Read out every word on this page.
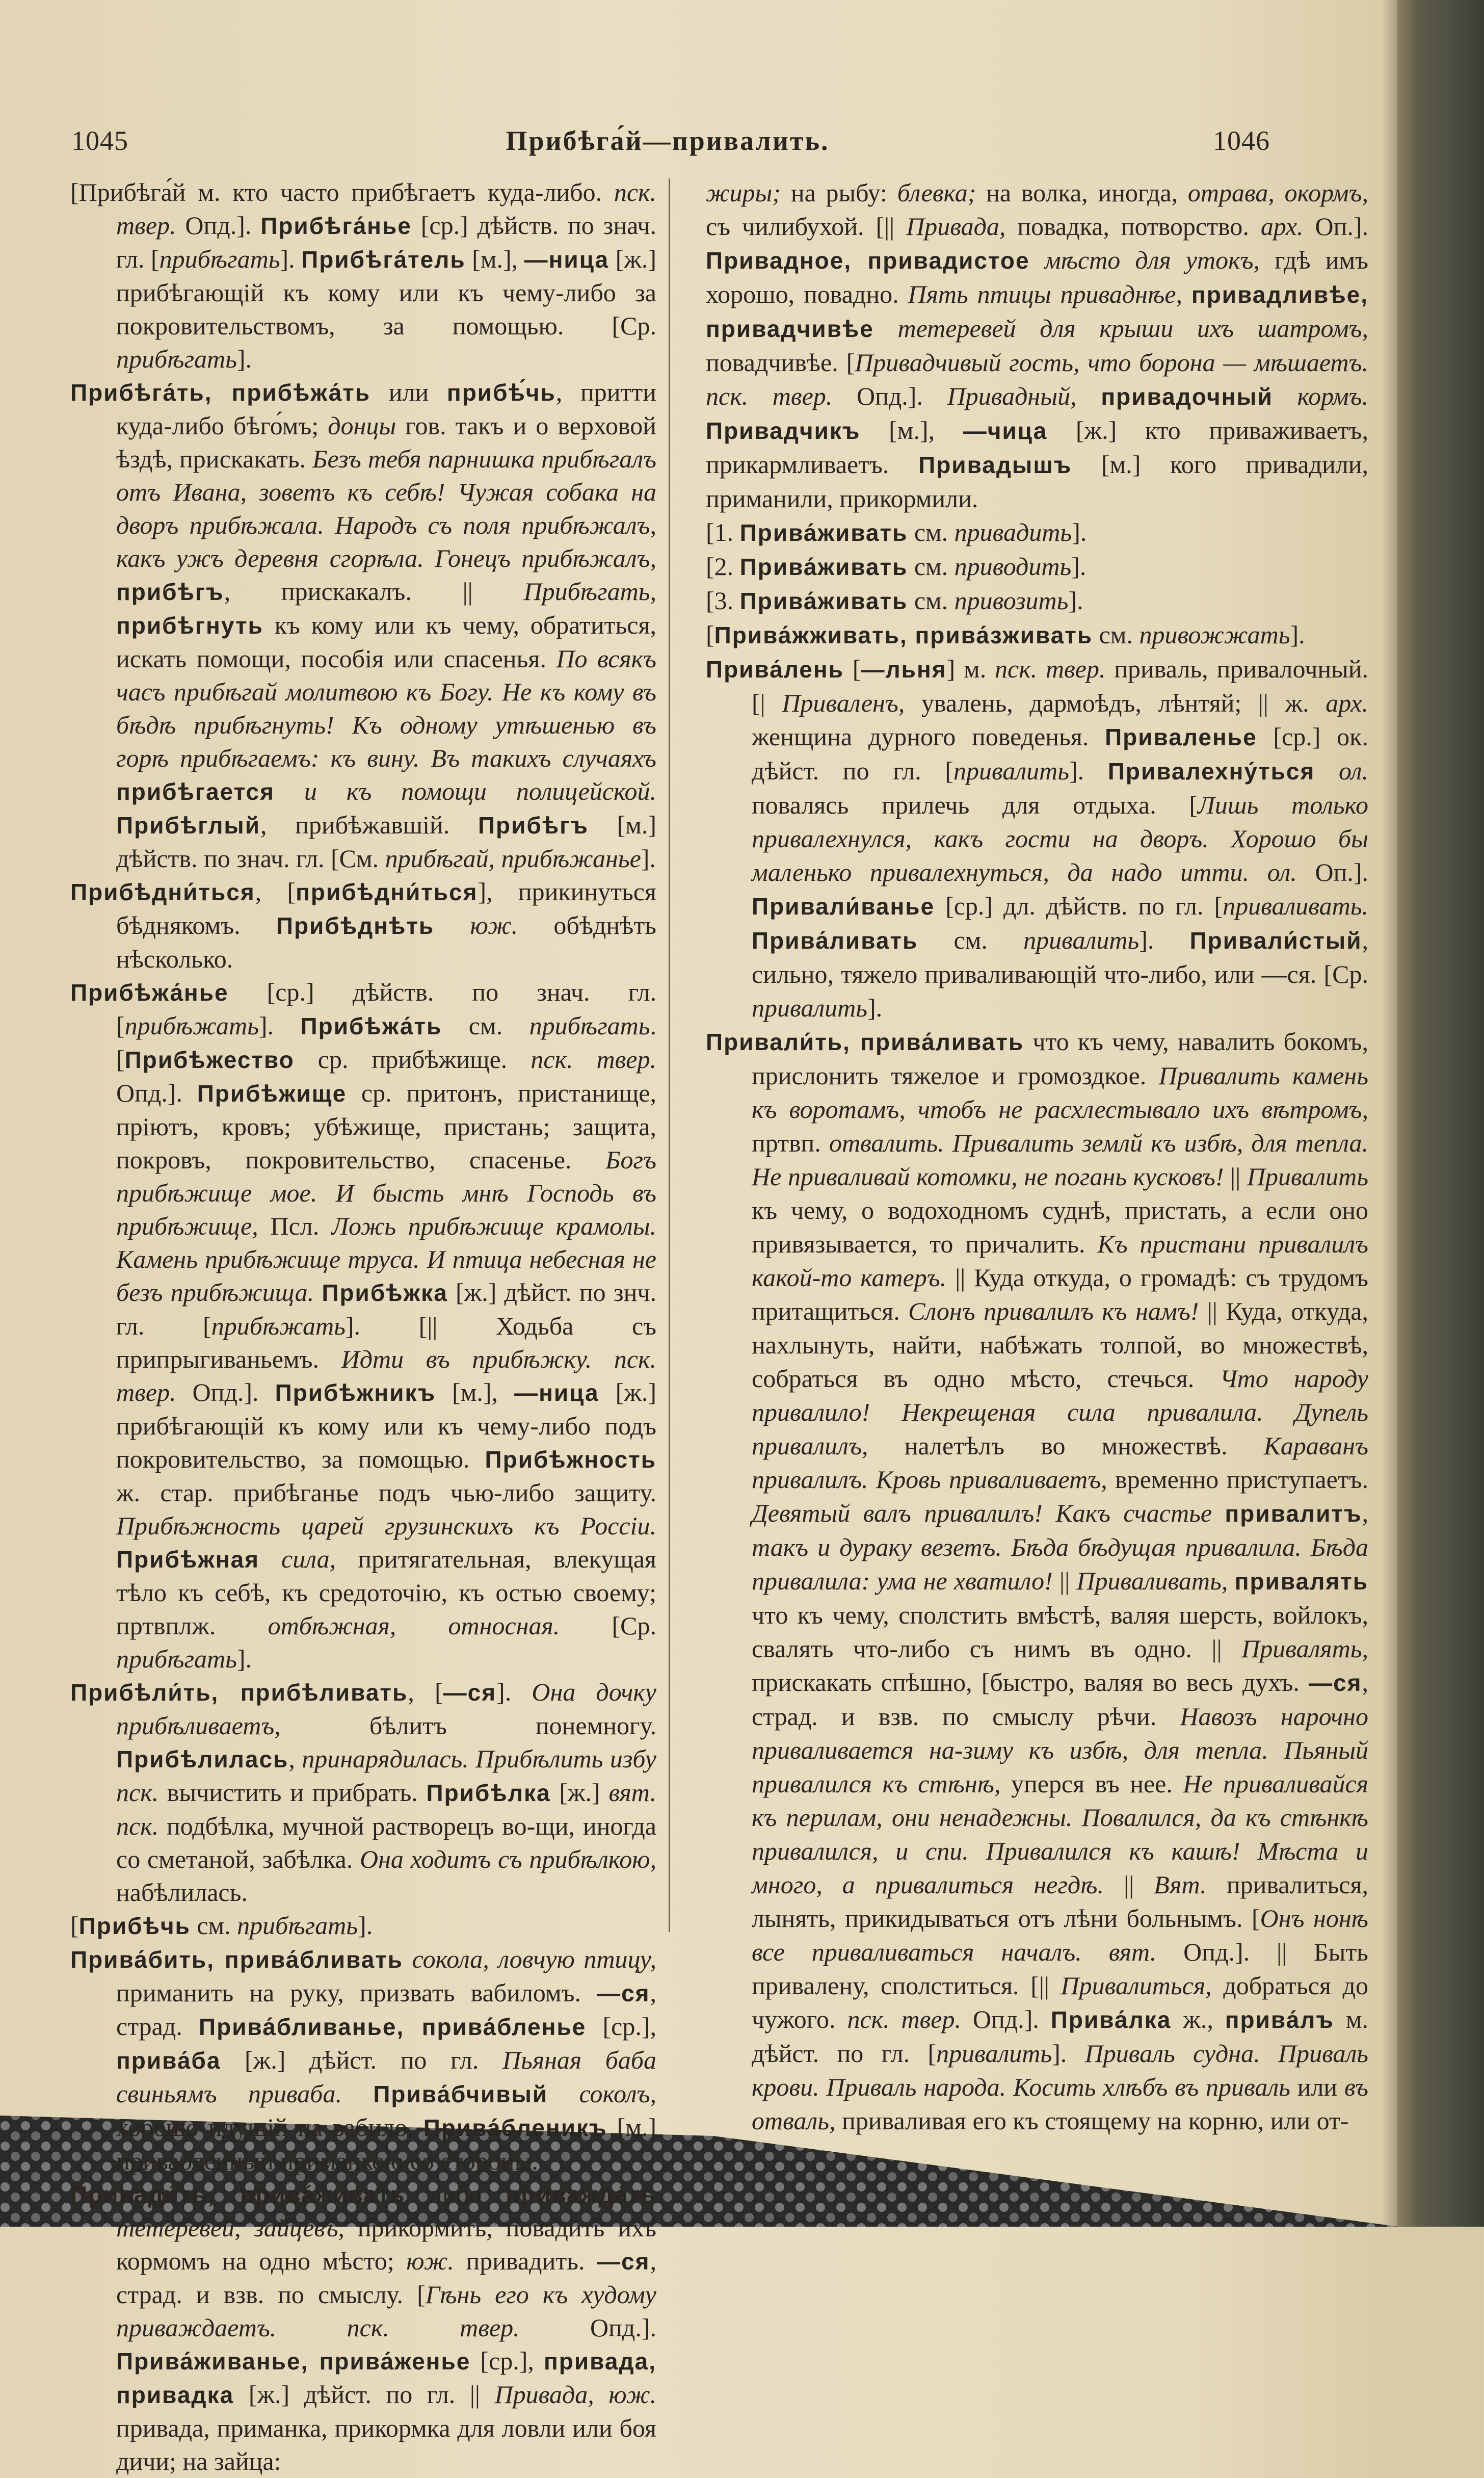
1045	Прибѣга́й—привалить.	1046

[Прибѣга́й м. кто часто прибѣгаетъ куда-либо. пск. твер. Опд.]. Прибѣга́нье [ср.] дѣйств. по знач. гл. [прибѣгать]. Прибѣга́тель [м.], —ница [ж.] прибѣгающій къ кому или къ чему-либо за покровительствомъ, за помощью. [Ср. прибѣгать].

Прибѣга́ть, прибѣжа́ть или прибѣ́чь, притти куда-либо бѣго́мъ; донцы гов. такъ и о верховой ѣздѣ, прискакать. Безъ тебя парнишка прибѣгалъ отъ Ивана, зоветъ къ себѣ! Чужая собака на дворъ прибѣжала. Народъ съ поля прибѣжалъ, какъ ужъ деревня сгорѣла. Гонецъ прибѣжалъ, прибѣгъ, прискакалъ. || Прибѣгать, прибѣгнуть къ кому или къ чему, обратиться, искать помощи, пособія или спасенья. По всякъ часъ прибѣгай молитвою къ Богу. Не къ кому въ бѣдѣ прибѣгнуть! Къ одному утѣшенью въ горѣ прибѣгаемъ: къ вину. Въ такихъ случаяхъ прибѣгается и къ помощи полицейской. Прибѣглый, прибѣжавшій. Прибѣгъ [м.] дѣйств. по знач. гл. [См. прибѣгай, прибѣжанье].

Прибѣдни́ться, [прибѣдни́ться], прикинуться бѣднякомъ. Прибѣднѣть юж. обѣднѣть нѣсколько.

Прибѣжа́нье [ср.] дѣйств. по знач. гл. [прибѣжать]. Прибѣжа́ть см. прибѣгать. [Прибѣжество ср. прибѣжище. пск. твер. Опд.]. Прибѣжище ср. притонъ, пристанище, пріютъ, кровъ; убѣжище, пристань; защита, покровъ, покровительство, спасенье. Богъ прибѣжище мое. И бысть мнѣ Господь въ прибѣжище, Псл. Ложь прибѣжище крамолы. Камень прибѣжище труса. И птица небесная не безъ прибѣжища. Прибѣжка [ж.] дѣйст. по знч. гл. [прибѣжать]. [|| Ходьба съ припрыгиваньемъ. Идти въ прибѣжку. пск. твер. Опд.]. Прибѣжникъ [м.], —ница [ж.] прибѣгающій къ кому или къ чему-либо подъ покровительство, за помощью. Прибѣжность ж. стар. прибѣганье подъ чью-либо защиту. Прибѣжность царей грузинскихъ къ Россіи. Прибѣжная сила, притягательная, влекущая тѣло къ себѣ, къ средоточію, къ остью своему; пртвплж. отбѣжная, относная. [Ср. прибѣгать].

Прибѣли́ть, прибѣливать, [—ся]. Она дочку прибѣливаетъ, бѣлитъ понемногу. Прибѣлилась, принарядилась. Прибѣлить избу пск. вычистить и прибрать. Прибѣлка [ж.] вят. пск. подбѣлка, мучной растворецъ во-щи, иногда со сметаной, забѣлка. Она ходитъ съ прибѣлкою, набѣлилась.

[Прибѣчь см. прибѣгать].

Прива́бить, прива́бливать сокола, ловчую птицу, приманить на руку, призвать вабиломъ. —ся, страд. Прива́бливанье, прива́бленье [ср.], прива́ба [ж.] дѣйст. по гл. Пьяная баба свиньямъ приваба. Прива́бчивый соколъ, хорошо идущій на вабило. Прива́бленикъ [м.] привабленный приманкою со стороны.

Привади́ть, прива́живать либо приважда́ть тетеревей, зайцевъ, прикормить, повадить ихъ кормомъ на одно мѣсто; юж. привадить. —ся, страд. и взв. по смыслу. [Гѣнь его къ худому приваждаетъ. пск. твер. Опд.]. Прива́живанье, прива́женье [ср.], привада, привадка [ж.] дѣйст. по гл. || Привада, юж. привада, приманка, прикормка для ловли или боя дичи; на зайца:

жиры; на рыбу: блевка; на волка, иногда, отрава, окормъ, съ чилибухой. [|| Привада, повадка, потворство. арх. Оп.]. Привадное, привадистое мѣсто для утокъ, гдѣ имъ хорошо, повадно. Пять птицы приваднѣе, привадливѣе, привадчивѣе тетеревей для крыши ихъ шатромъ, повадчивѣе. [Привадчивый гость, что борона — мѣшаетъ. пск. твер. Опд.]. Привадный, привадочный кормъ. Привадчикъ [м.], —чица [ж.] кто приваживаетъ, прикармливаетъ. Привадышъ [м.] кого привадили, приманили, прикормили.

[1. Прива́живать см. привадить].

[2. Прива́живать см. приводить].

[3. Прива́живать см. привозить].

[Прива́жживать, прива́зживать см. привожжать].

Прива́лень [—льня] м. пск. твер. приваль, привалочный. [| Приваленъ, увалень, дармоѣдъ, лѣнтяй; || ж. арх. женщина дурного поведенья. Приваленье [ср.] ок. дѣйст. по гл. [привалить]. Привалехну́ться ол. повалясь прилечь для отдыха. [Лишь только привалехнулся, какъ гости на дворъ. Хорошо бы маленько привалехнуться, да надо итти. ол. Оп.]. Привали́ванье [ср.] дл. дѣйств. по гл. [приваливать. Прива́ливать см. привалить]. Привали́стый, сильно, тяжело приваливающій что-либо, или —ся. [Ср. привалить].

Привали́ть, прива́ливать что къ чему, навалить бокомъ, прислонить тяжелое и громоздкое. Привалить камень къ воротамъ, чтобъ не расхлестывало ихъ вѣтромъ, пртвп. отвалить. Привалить землй къ избѣ, для тепла. Не приваливай котомки, не погань кусковъ! || Привалить къ чему, о водоходномъ суднѣ, пристать, а если оно привязывается, то причалить. Къ пристани привалилъ какой-то катеръ. || Куда откуда, о громадѣ: съ трудомъ притащиться. Слонъ привалилъ къ намъ! || Куда, откуда, нахлынуть, найти, набѣжать толпой, во множествѣ, собраться въ одно мѣсто, стечься. Что народу привалило! Некрещеная сила привалила. Дупель привалилъ, налетѣлъ во множествѣ. Караванъ привалилъ. Кровь приваливаетъ, временно приступаетъ. Девятый валъ привалилъ! Какъ счастье привалитъ, такъ и дураку везетъ. Бѣда бѣдущая привалила. Бѣда привалила: ума не хватило! || Приваливать, привалять что къ чему, сполстить вмѣстѣ, валяя шерсть, войлокъ, свалять что-либо съ нимъ въ одно. || Привалять, прискакать спѣшно, [быстро, валяя во весь духъ. —ся, страд. и взв. по смыслу рѣчи. Навозъ нарочно приваливается на-зиму къ избѣ, для тепла. Пьяный привалился къ стѣнѣ, уперся въ нее. Не приваливайся къ перилам, они ненадежны. Повалился, да къ стѣнкѣ привалился, и спи. Привалился къ кашѣ! Мѣста и много, а привалиться негдѣ. || Вят. привалиться, лынять, прикидываться отъ лѣни больнымъ. [Онъ нонѣ все приваливаться началъ. вят. Опд.]. || Быть привалену, сполститься. [|| Привалиться, добраться до чужого. пск. твер. Опд.]. Прива́лка ж., прива́лъ м. дѣйст. по гл. [привалить]. Приваль судна. Приваль крови. Приваль народа. Косить хлѣбъ въ приваль или въ отваль, приваливая его къ стоящему на корню, или от-
